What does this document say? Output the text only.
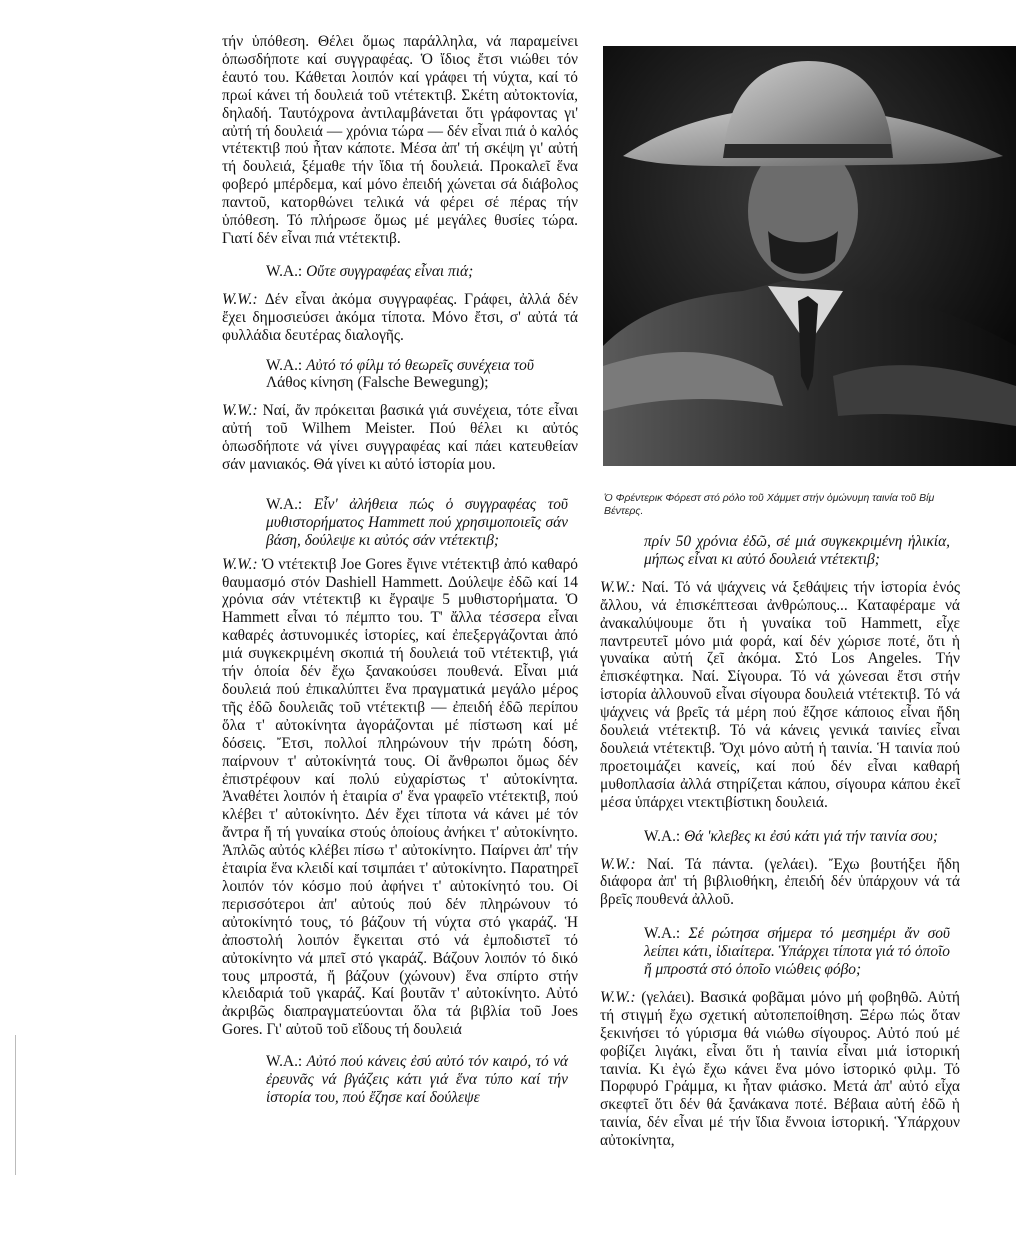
τήν ὑπόθεση. Θέλει ὅμως παράλληλα, νά παραμείνει ὁπωσδήποτε καί συγγραφέας. Ὁ ἴδιος ἔτσι νιώθει τόν ἑαυτό του. Κάθεται λοιπόν καί γράφει τή νύχτα, καί τό πρωί κάνει τή δουλειά τοῦ ντέτεκτιβ. Σκέτη αὐτοκτονία, δηλαδή. Ταυτόχρονα ἀντιλαμβάνεται ὅτι γράφοντας γι' αὐτή τή δουλειά — χρόνια τώρα — δέν εἶναι πιά ὁ καλός ντέτεκτιβ πού ἦταν κάποτε. Μέσα ἀπ' τή σκέψη γι' αὐτή τή δουλειά, ξέμαθε τήν ἴδια τή δουλειά. Προκαλεῖ ἕνα φοβερό μπέρδεμα, καί μόνο ἐπειδή χώνεται σά διάβολος παντοῦ, κατορθώνει τελικά νά φέρει σέ πέρας τήν ὑπόθεση. Τό πλήρωσε ὅμως μέ μεγάλες θυσίες τώρα. Γιατί δέν εἶναι πιά ντέτεκτιβ.

W.A.: Οὔτε συγγραφέας εἶναι πιά;

W.W.: Δέν εἶναι ἀκόμα συγγραφέας. Γράφει, ἀλλά δέν ἔχει δημοσιεύσει ἀκόμα τίποτα. Μόνο ἔτσι, σ' αὐτά τά φυλλάδια δευτέρας διαλογῆς.

W.A.: Αὐτό τό φίλμ τό θεωρεῖς συνέχεια τοῦ
Λάθος κίνηση (Falsche Bewegung);

W.W.: Ναί, ἄν πρόκειται βασικά γιά συνέχεια, τότε εἶναι αὐτή τοῦ Wilhem Meister. Πού θέλει κι αὐτός ὁπωσδήποτε νά γίνει συγγραφέας καί πάει κατευθείαν σάν μανιακός. Θά γίνει κι αὐτό ἱστορία μου.

W.A.: Εἶν' ἀλήθεια πώς ὁ συγγραφέας τοῦ μυθιστορήματος Hammett πού χρησιμοποιεῖς σάν βάση, δούλεψε κι αὐτός σάν ντέτεκτιβ;

W.W.: Ὁ ντέτεκτιβ Joe Gores ἔγινε ντέτεκτιβ ἀπό καθαρό θαυμασμό στόν Dashiell Hammett. Δούλεψε ἐδῶ καί 14 χρόνια σάν ντέτεκτιβ κι ἔγραψε 5 μυθιστορήματα. Ὁ Hammett εἶναι τό πέμπτο του. Τ' ἄλλα τέσσερα εἶναι καθαρές ἀστυνομικές ἱστορίες, καί ἐπεξεργάζονται ἀπό μιά συγκεκριμένη σκοπιά τή δουλειά τοῦ ντέτεκτιβ, γιά τήν ὁποία δέν ἔχω ξανακούσει πουθενά. Εἶναι μιά δουλειά πού ἐπικαλύπτει ἕνα πραγματικά μεγάλο μέρος τῆς ἐδῶ δουλειᾶς τοῦ ντέτεκτιβ — ἐπειδή ἐδῶ περίπου ὅλα τ' αὐτοκίνητα ἀγοράζονται μέ πίστωση καί μέ δόσεις. Ἔτσι, πολλοί πληρώνουν τήν πρώτη δόση, παίρνουν τ' αὐτοκίνητά τους. Οἱ ἄνθρωποι ὅμως δέν ἐπιστρέφουν καί πολύ εὐχαρίστως τ' αὐτοκίνητα. Ἀναθέτει λοιπόν ἡ ἑταιρία σ' ἕνα γραφεῖο ντέτεκτιβ, πού κλέβει τ' αὐτοκίνητο. Δέν ἔχει τίποτα νά κάνει μέ τόν ἄντρα ἤ τή γυναίκα στούς ὁποίους ἀνήκει τ' αὐτοκίνητο. Ἁπλῶς αὐτός κλέβει πίσω τ' αὐτοκίνητο. Παίρνει ἀπ' τήν ἑταιρία ἕνα κλειδί καί τσιμπάει τ' αὐτοκίνητο. Παρατηρεῖ λοιπόν τόν κόσμο πού ἀφήνει τ' αὐτοκίνητό του. Οἱ περισσότεροι ἀπ' αὐτούς πού δέν πληρώνουν τό αὐτοκίνητό τους, τό βάζουν τή νύχτα στό γκαράζ. Ἡ ἀποστολή λοιπόν ἔγκειται στό νά ἐμποδιστεῖ τό αὐτοκίνητο νά μπεῖ στό γκαράζ. Βάζουν λοιπόν τό δικό τους μπροστά, ἤ βάζουν (χώνουν) ἕνα σπίρτο στήν κλειδαριά τοῦ γκαράζ. Καί βουτᾶν τ' αὐτοκίνητο. Αὐτό ἀκριβῶς διαπραγματεύονται ὅλα τά βιβλία τοῦ Joes Gores. Γι' αὐτοῦ τοῦ εἴδους τή δουλειά

W.A.: Αὐτό πού κάνεις ἐσύ αὐτό τόν καιρό, τό νά ἐρευνᾶς νά βγάζεις κάτι γιά ἕνα τύπο καί τήν ἱστορία του, πού ἔζησε καί δούλεψε

Ὁ Φρέντερικ Φόρεστ στό ρόλο τοῦ Χάμμετ στήν ὁμώνυμη ταινία τοῦ Βίμ Βέντερς.

πρίν 50 χρόνια ἐδῶ, σέ μιά συγκεκριμένη ἡλικία, μήπως εἶναι κι αὐτό δουλειά ντέτεκτιβ;

W.W.: Ναί. Τό νά ψάχνεις νά ξεθάψεις τήν ἱστορία ἑνός ἄλλου, νά ἐπισκέπτεσαι ἀνθρώπους... Καταφέραμε νά ἀνακαλύψουμε ὅτι ἡ γυναίκα τοῦ Hammett, εἶχε παντρευτεῖ μόνο μιά φορά, καί δέν χώρισε ποτέ, ὅτι ἡ γυναίκα αὐτή ζεῖ ἀκόμα. Στό Los Angeles. Τήν ἐπισκέφτηκα. Ναί. Σίγουρα. Τό νά χώνεσαι ἔτσι στήν ἱστορία ἀλλουνοῦ εἶναι σίγουρα δουλειά ντέτεκτιβ. Τό νά ψάχνεις νά βρεῖς τά μέρη πού ἔζησε κάποιος εἶναι ἤδη δουλειά ντέτεκτιβ. Τό νά κάνεις γενικά ταινίες εἶναι δουλειά ντέτεκτιβ. Ὄχι μόνο αὐτή ἡ ταινία. Ἡ ταινία πού προετοιμάζει κανείς, καί πού δέν εἶναι καθαρή μυθοπλασία ἀλλά στηρίζεται κάπου, σίγουρα κάπου ἐκεῖ μέσα ὑπάρχει ντεκτιβίστικη δουλειά.

W.A.: Θά 'κλεβες κι ἐσύ κάτι γιά τήν ταινία σου;

W.W.: Ναί. Τά πάντα. (γελάει). Ἔχω βουτήξει ἤδη διάφορα ἀπ' τή βιβλιοθήκη, ἐπειδή δέν ὑπάρχουν νά τά βρεῖς πουθενά ἀλλοῦ.

W.A.: Σέ ρώτησα σήμερα τό μεσημέρι ἄν σοῦ λείπει κάτι, ἰδιαίτερα. Ὑπάρχει τίποτα γιά τό ὁποῖο ἤ μπροστά στό ὁποῖο νιώθεις φόβο;

W.W.: (γελάει). Βασικά φοβᾶμαι μόνο μή φοβηθῶ. Αὐτή τή στιγμή ἔχω σχετική αὐτοπεποίθηση. Ξέρω πώς ὅταν ξεκινήσει τό γύρισμα θά νιώθω σίγουρος. Αὐτό πού μέ φοβίζει λιγάκι, εἶναι ὅτι ἡ ταινία εἶναι μιά ἱστορική ταινία. Κι ἐγώ ἔχω κάνει ἕνα μόνο ἱστορικό φιλμ. Τό Πορφυρό Γράμμα, κι ἦταν φιάσκο. Μετά ἀπ' αὐτό εἶχα σκεφτεῖ ὅτι δέν θά ξανάκανα ποτέ. Βέβαια αὐτή ἐδῶ ἡ ταινία, δέν εἶναι μέ τήν ἴδια ἔννοια ἱστορική. Ὑπάρχουν αὐτοκίνητα,
